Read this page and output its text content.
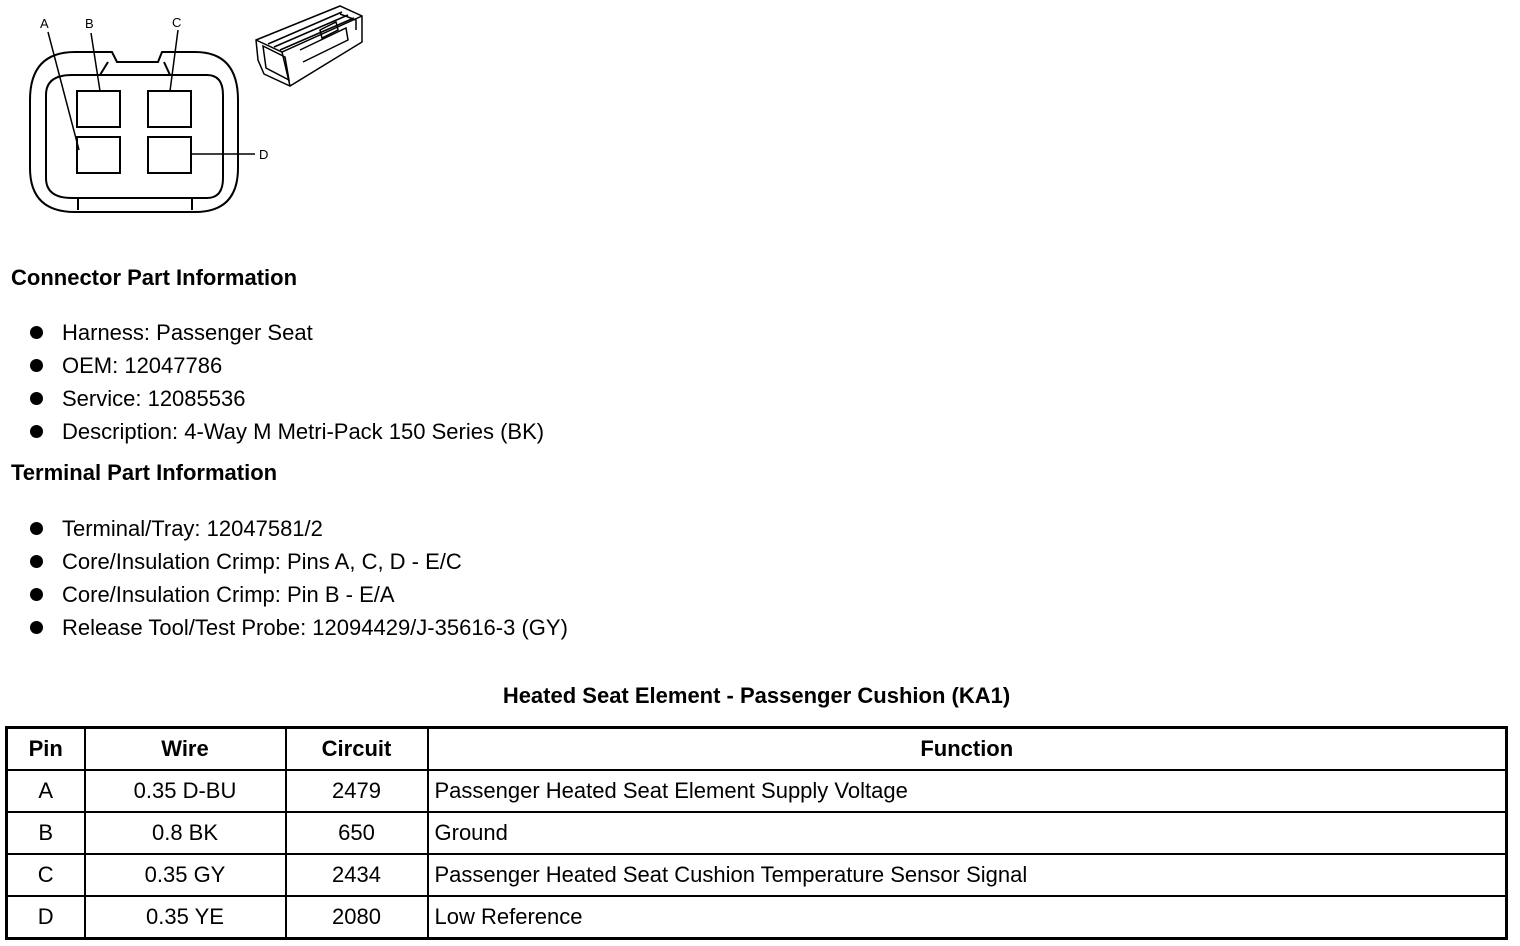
A	B	C
D
Connector Part Information
Harness: Passenger Seat
OEM: 12047786
Service: 12085536
Description: 4-Way M Metri-Pack 150 Series (BK)
Terminal Part Information
Terminal/Tray: 12047581/2
Core/Insulation Crimp: Pins A, C, D - E/C
Core/Insulation Crimp: Pin B - E/A
Release Tool/Test Probe: 12094429/J-35616-3 (GY)
Heated Seat Element - Passenger Cushion (KA1)
Pin	Wire	Circuit	Function
A	0.35 D-BU	2479	Passenger Heated Seat Element Supply Voltage
B	0.8 BK	650	Ground
C	0.35 GY	2434	Passenger Heated Seat Cushion Temperature Sensor Signal
D	0.35 YE	2080	Low Reference
